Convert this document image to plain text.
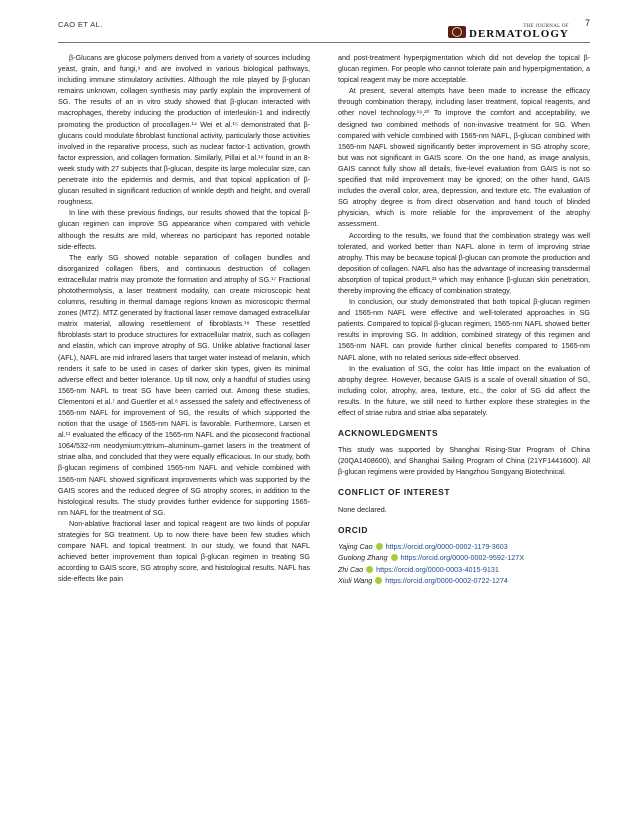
CAO ET AL.	THE JOURNAL OF
DERMATOLOGY
7

β-Glucans are glucose polymers derived from a variety of sources including yeast, grain, and fungi,⁹ and are involved in various biological pathways, including immune stimulatory activities. Although the role played by β-glucan remains unknown, collagen synthesis may partly explain the improvement of SG. The results of an in vitro study showed that β-glucan interacted with macrophages, thereby inducing the production of interleukin-1 and indirectly promoting the production of procollagen.¹⁴ Wei et al.¹⁵ demonstrated that β-glucans could modulate fibroblast functional activity, particularly those activities involved in the reparative process, such as nuclear factor-1 activation, growth factor expression, and collagen formation. Similarly, Pillai et al.¹⁶ found in an 8-week study with 27 subjects that β-glucan, despite its large molecular size, can penetrate into the epidermis and dermis, and that topical application of β-glucan resulted in significant reduction of wrinkle depth and height, and overall roughness.

In line with these previous findings, our results showed that the topical β-glucan regimen can improve SG appearance when compared with vehicle although the results are mild, whereas no participant has reported notable side-effects.

The early SG showed notable separation of collagen bundles and disorganized collagen fibers, and continuous destruction of collagen extracellular matrix may promote the formation and atrophy of SG.¹⁷ Fractional photothermolysis, a laser treatment modality, can create microscopic heat columns, resulting in thermal damage regions known as microscopic thermal zones (MTZ). MTZ generated by fractional laser remove damaged extracellular matrix material, allowing resettlement of fibroblasts.¹⁸ These resettled fibroblasts start to produce structures for extracellular matrix, such as collagen and elastin, which can improve atrophy of SG. Unlike ablative fractional laser (AFL), NAFL are mid infrared lasers that target water instead of melanin, which renders it safe to be used in cases of darker skin types, given its minimal adverse effect and better tolerance. Up till now, only a handful of studies using 1565-nm NAFL to treat SG have been carried out. Among these studies, Clementoni et al.⁷ and Guertler et al.⁸ assessed the safety and effectiveness of 1565-nm NAFL for improvement of SG, the results of which supported the notion that the usage of 1565-nm NAFL is favorable. Furthermore, Larsen et al.¹¹ evaluated the efficacy of the 1565-nm NAFL and the picosecond fractional 1064/532-nm neodymium:yttrium–aluminum–garnet lasers in the treatment of striae alba, and concluded that they were equally efficacious. In our study, both β-glucan regimens of combined 1565-nm NAFL and vehicle combined with 1565-nm NAFL showed significant improvements which was supported by the GAIS scores and the reduced degree of SG atrophy scores, in addition to the histological results. The study provides further evidence for supporting 1565-nm NAFL for the treatment of SG.

Non-ablative fractional laser and topical reagent are two kinds of popular strategies for SG treatment. Up to now there have been few studies which compare NAFL and topical treatment. In our study, we found that NAFL achieved better improvement than topical β-glucan regimen in treating SG according to GAIS score, SG atrophy score, and histological results. NAFL has side-effects like pain

and post-treatment hyperpigmentation which did not develop the topical β-glucan regimen. For people who cannot tolerate pain and hyperpigmentation, a topical reagent may be more acceptable.

At present, several attempts have been made to increase the efficacy through combination therapy, including laser treatment, topical reagents, and other novel technology.¹⁹,²⁰ To improve the comfort and acceptability, we designed two combined methods of non-invasive treatment for SG. When compared with vehicle combined with 1565-nm NAFL, β-glucan combined with 1565-nm NAFL showed significantly better improvement in SG atrophy score, but was not significant in GAIS score. On the one hand, as image analysis, GAIS cannot fully show all details, five-level evaluation from GAIS is not so specified that mild improvement may be ignored; on the other hand, GAIS includes the overall color, area, depression, and texture etc. The evaluation of SG atrophy degree is from direct observation and hand touch of blinded physician, which is more reliable for the improvement of the atrophy assessment.

According to the results, we found that the combination strategy was well tolerated, and worked better than NAFL alone in term of improving striae atrophy. This may be because topical β-glucan can promote the production and deposition of collagen. NAFL also has the advantage of increasing transdermal absorption of topical product,²¹ which may enhance β-glucan skin penetration, thereby improving the efficacy of combination strategy.

In conclusion, our study demonstrated that both topical β-glucan regimen and 1565-nm NAFL were effective and well-tolerated approaches in SG patients. Compared to topical β-glucan regimen, 1565-nm NAFL showed better results in improving SG. In addition, combined strategy of this regimen and 1565-nm NAFL can provide further clinical benefits compared to 1565-nm NAFL alone, with no related serious side-effect observed.

In the evaluation of SG, the color has little impact on the evaluation of atrophy degree. However, because GAIS is a scale of overall situation of SG, including color, atrophy, area, texture, etc., the color of SG did affect the results. In the future, we still need to further explore these strategies in the effect of striae rubra and striae alba separately.

ACKNOWLEDGMENTS

This study was supported by Shanghai Rising-Star Program of China (20QA1408600), and Shanghai Sailing Program of China (21YF1441600). All β-glucan regimens were provided by Hangzhou Songyang Biotechnical.

CONFLICT OF INTEREST

None declared.

ORCID
Yajing Cao https://orcid.org/0000-0002-1179-3603
Guolong Zhang https://orcid.org/0000-0002-9592-127X
Zhi Cao https://orcid.org/0000-0003-4015-9131
Xiuli Wang https://orcid.org/0000-0002-0722-1274
